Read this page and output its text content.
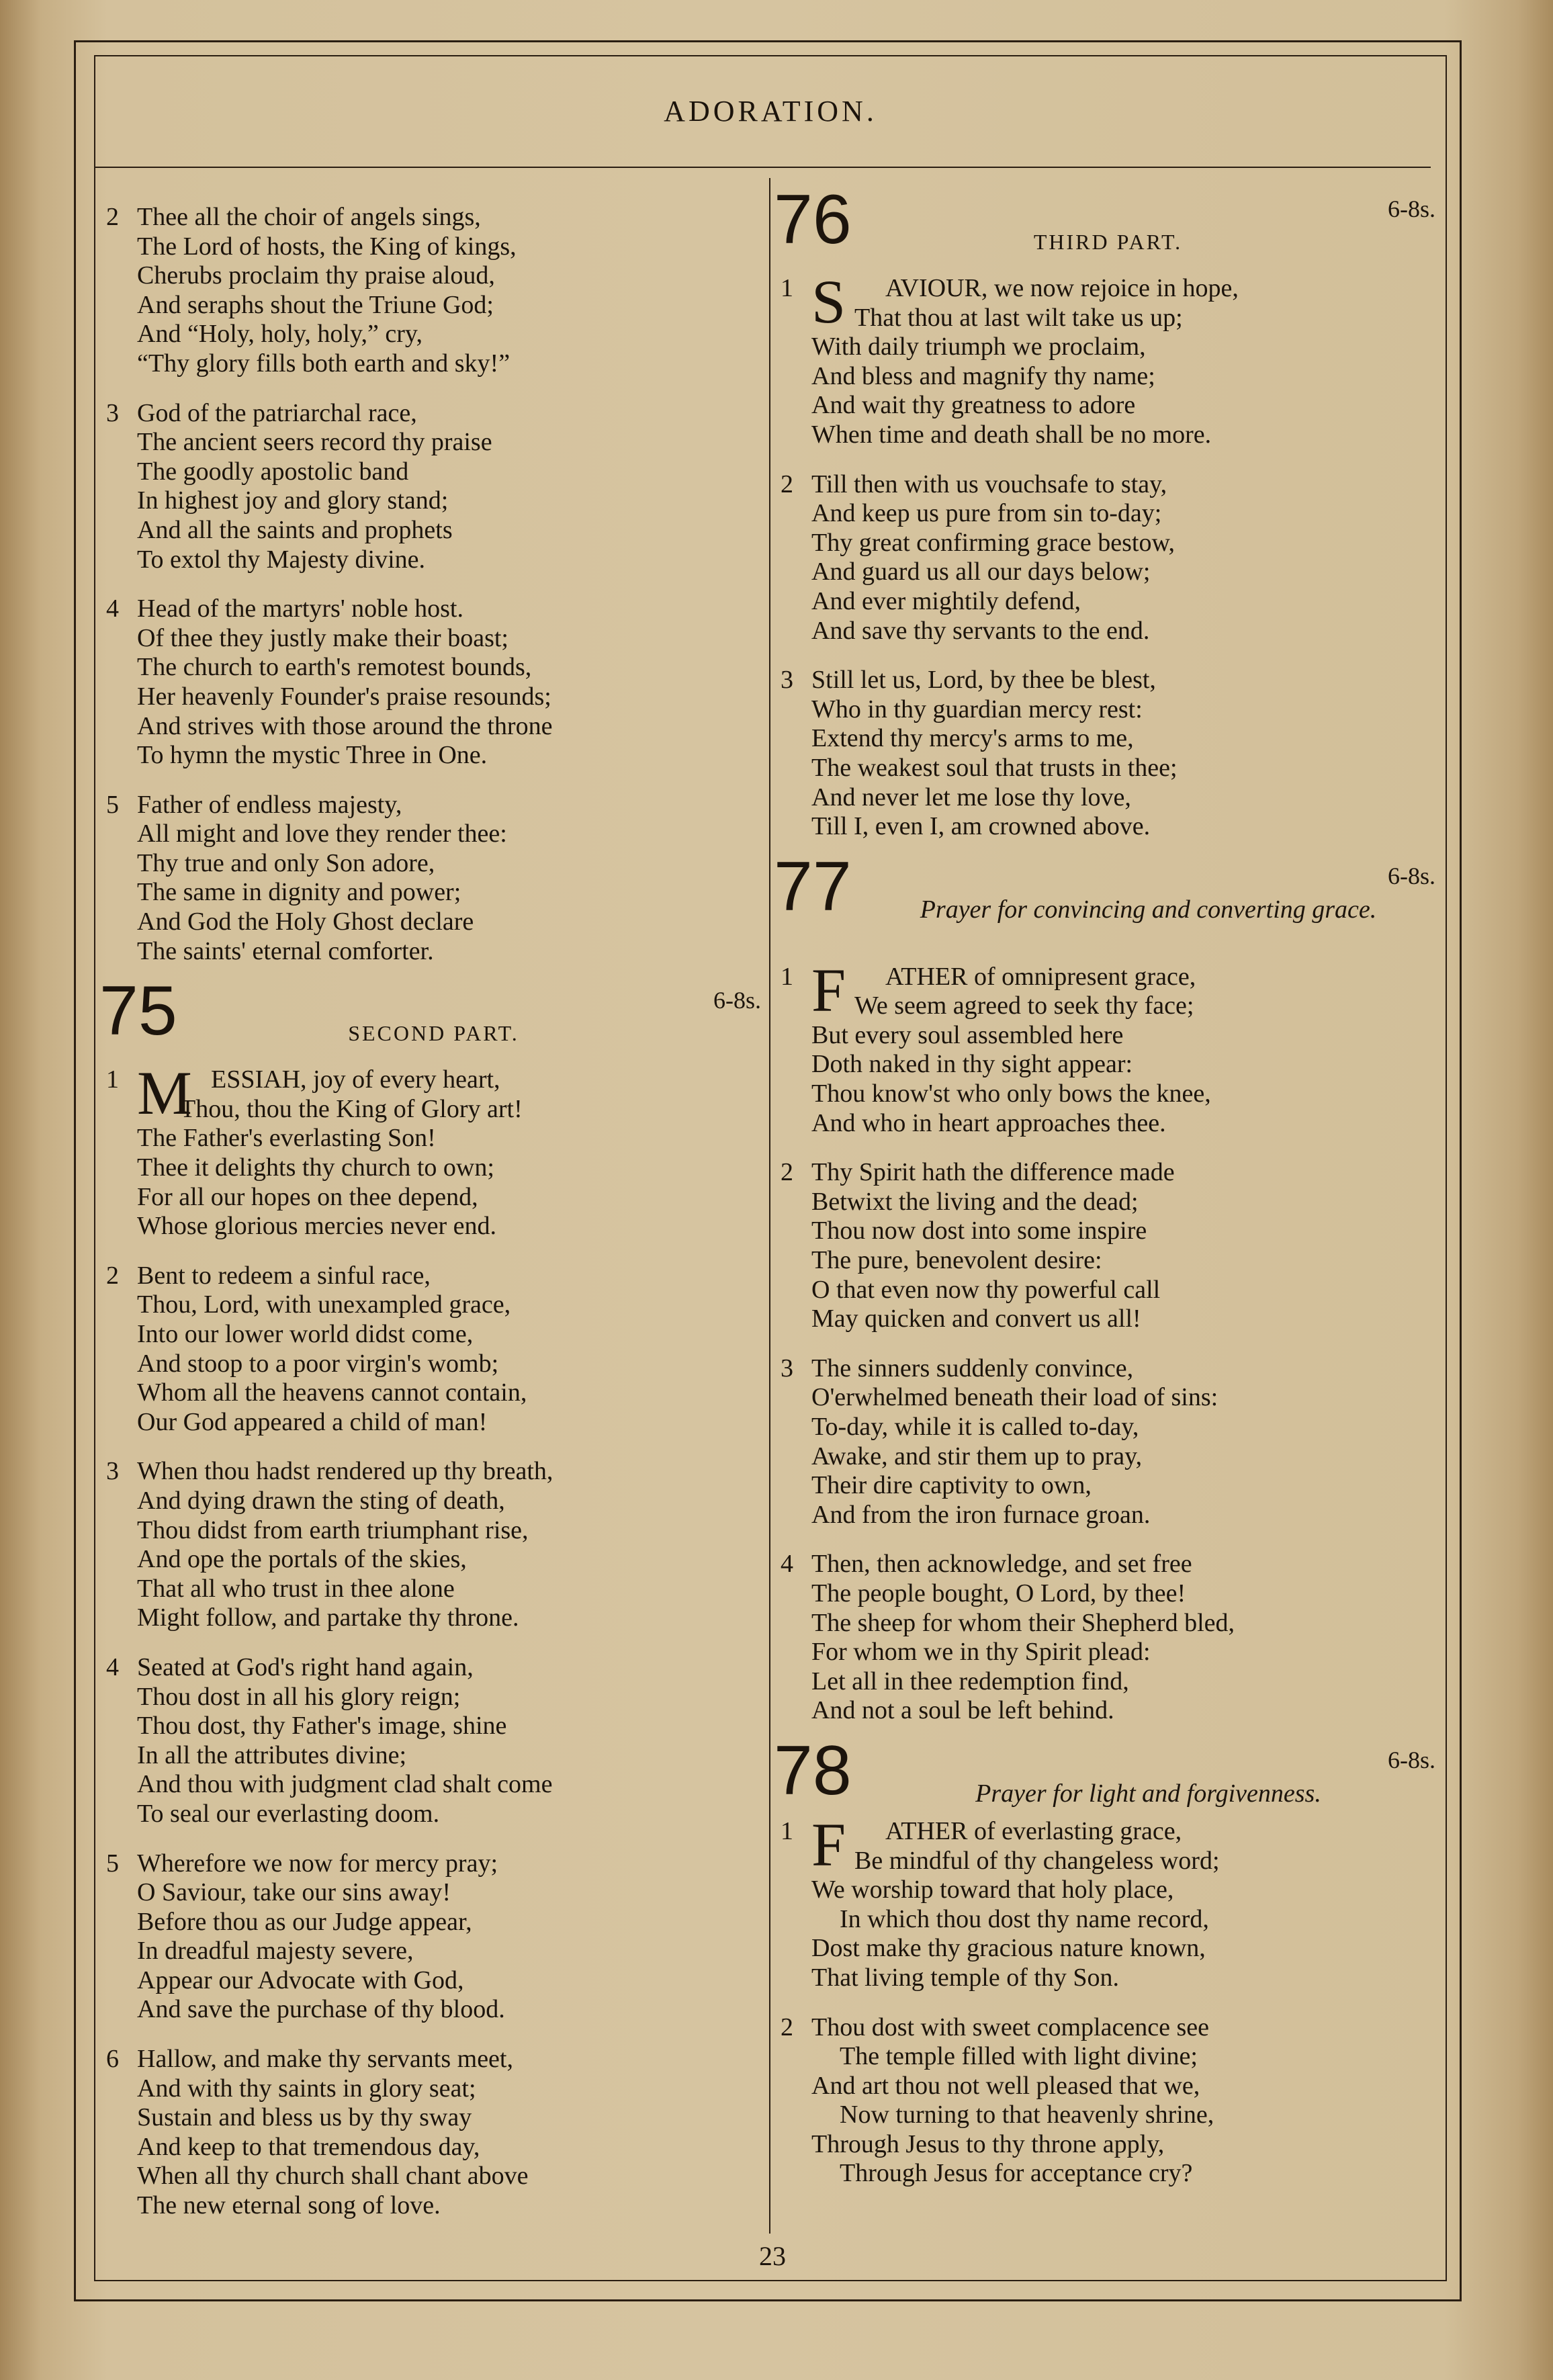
ADORATION.
2 Thee all the choir of angels sings,
The Lord of hosts, the King of kings,
Cherubs proclaim thy praise aloud,
And seraphs shout the Triune God;
And “Holy, holy, holy,” cry,
“Thy glory fills both earth and sky!”
3 God of the patriarchal race,
The ancient seers record thy praise
The goodly apostolic band
In highest joy and glory stand;
And all the saints and prophets
To extol thy Majesty divine.
4 Head of the martyrs' noble host.
Of thee they justly make their boast;
The church to earth's remotest bounds,
Her heavenly Founder's praise resounds;
And strives with those around the throne
To hymn the mystic Three in One.
5 Father of endless majesty,
All might and love they render thee:
Thy true and only Son adore,
The same in dignity and power;
And God the Holy Ghost declare
The saints' eternal comforter.
75	6-8s.
SECOND PART.
1 M ESSIAH, joy of every heart,
Thou, thou the King of Glory art!
The Father's everlasting Son!
Thee it delights thy church to own;
For all our hopes on thee depend,
Whose glorious mercies never end.
2 Bent to redeem a sinful race,
Thou, Lord, with unexampled grace,
Into our lower world didst come,
And stoop to a poor virgin's womb;
Whom all the heavens cannot contain,
Our God appeared a child of man!
3 When thou hadst rendered up thy breath,
And dying drawn the sting of death,
Thou didst from earth triumphant rise,
And ope the portals of the skies,
That all who trust in thee alone
Might follow, and partake thy throne.
4 Seated at God's right hand again,
Thou dost in all his glory reign;
Thou dost, thy Father's image, shine
In all the attributes divine;
And thou with judgment clad shalt come
To seal our everlasting doom.
5 Wherefore we now for mercy pray;
O Saviour, take our sins away!
Before thou as our Judge appear,
In dreadful majesty severe,
Appear our Advocate with God,
And save the purchase of thy blood.
6 Hallow, and make thy servants meet,
And with thy saints in glory seat;
Sustain and bless us by thy sway
And keep to that tremendous day,
When all thy church shall chant above
The new eternal song of love.
76	6-8s.
THIRD PART.
1 S AVIOUR, we now rejoice in hope,
That thou at last wilt take us up;
With daily triumph we proclaim,
And bless and magnify thy name;
And wait thy greatness to adore
When time and death shall be no more.
2 Till then with us vouchsafe to stay,
And keep us pure from sin to-day;
Thy great confirming grace bestow,
And guard us all our days below;
And ever mightily defend,
And save thy servants to the end.
3 Still let us, Lord, by thee be blest,
Who in thy guardian mercy rest:
Extend thy mercy's arms to me,
The weakest soul that trusts in thee;
And never let me lose thy love,
Till I, even I, am crowned above.
77	6-8s.
Prayer for convincing and converting grace.
1 F ATHER of omnipresent grace,
We seem agreed to seek thy face;
But every soul assembled here
Doth naked in thy sight appear:
Thou know'st who only bows the knee,
And who in heart approaches thee.
2 Thy Spirit hath the difference made
Betwixt the living and the dead;
Thou now dost into some inspire
The pure, benevolent desire:
O that even now thy powerful call
May quicken and convert us all!
3 The sinners suddenly convince,
O'erwhelmed beneath their load of sins:
To-day, while it is called to-day,
Awake, and stir them up to pray,
Their dire captivity to own,
And from the iron furnace groan.
4 Then, then acknowledge, and set free
The people bought, O Lord, by thee!
The sheep for whom their Shepherd bled,
For whom we in thy Spirit plead:
Let all in thee redemption find,
And not a soul be left behind.
78	6-8s.
Prayer for light and forgivenness.
1 F ATHER of everlasting grace,
Be mindful of thy changeless word;
We worship toward that holy place,
In which thou dost thy name record,
Dost make thy gracious nature known,
That living temple of thy Son.
2 Thou dost with sweet complacence see
The temple filled with light divine;
And art thou not well pleased that we,
Now turning to that heavenly shrine,
Through Jesus to thy throne apply,
Through Jesus for acceptance cry?
23
